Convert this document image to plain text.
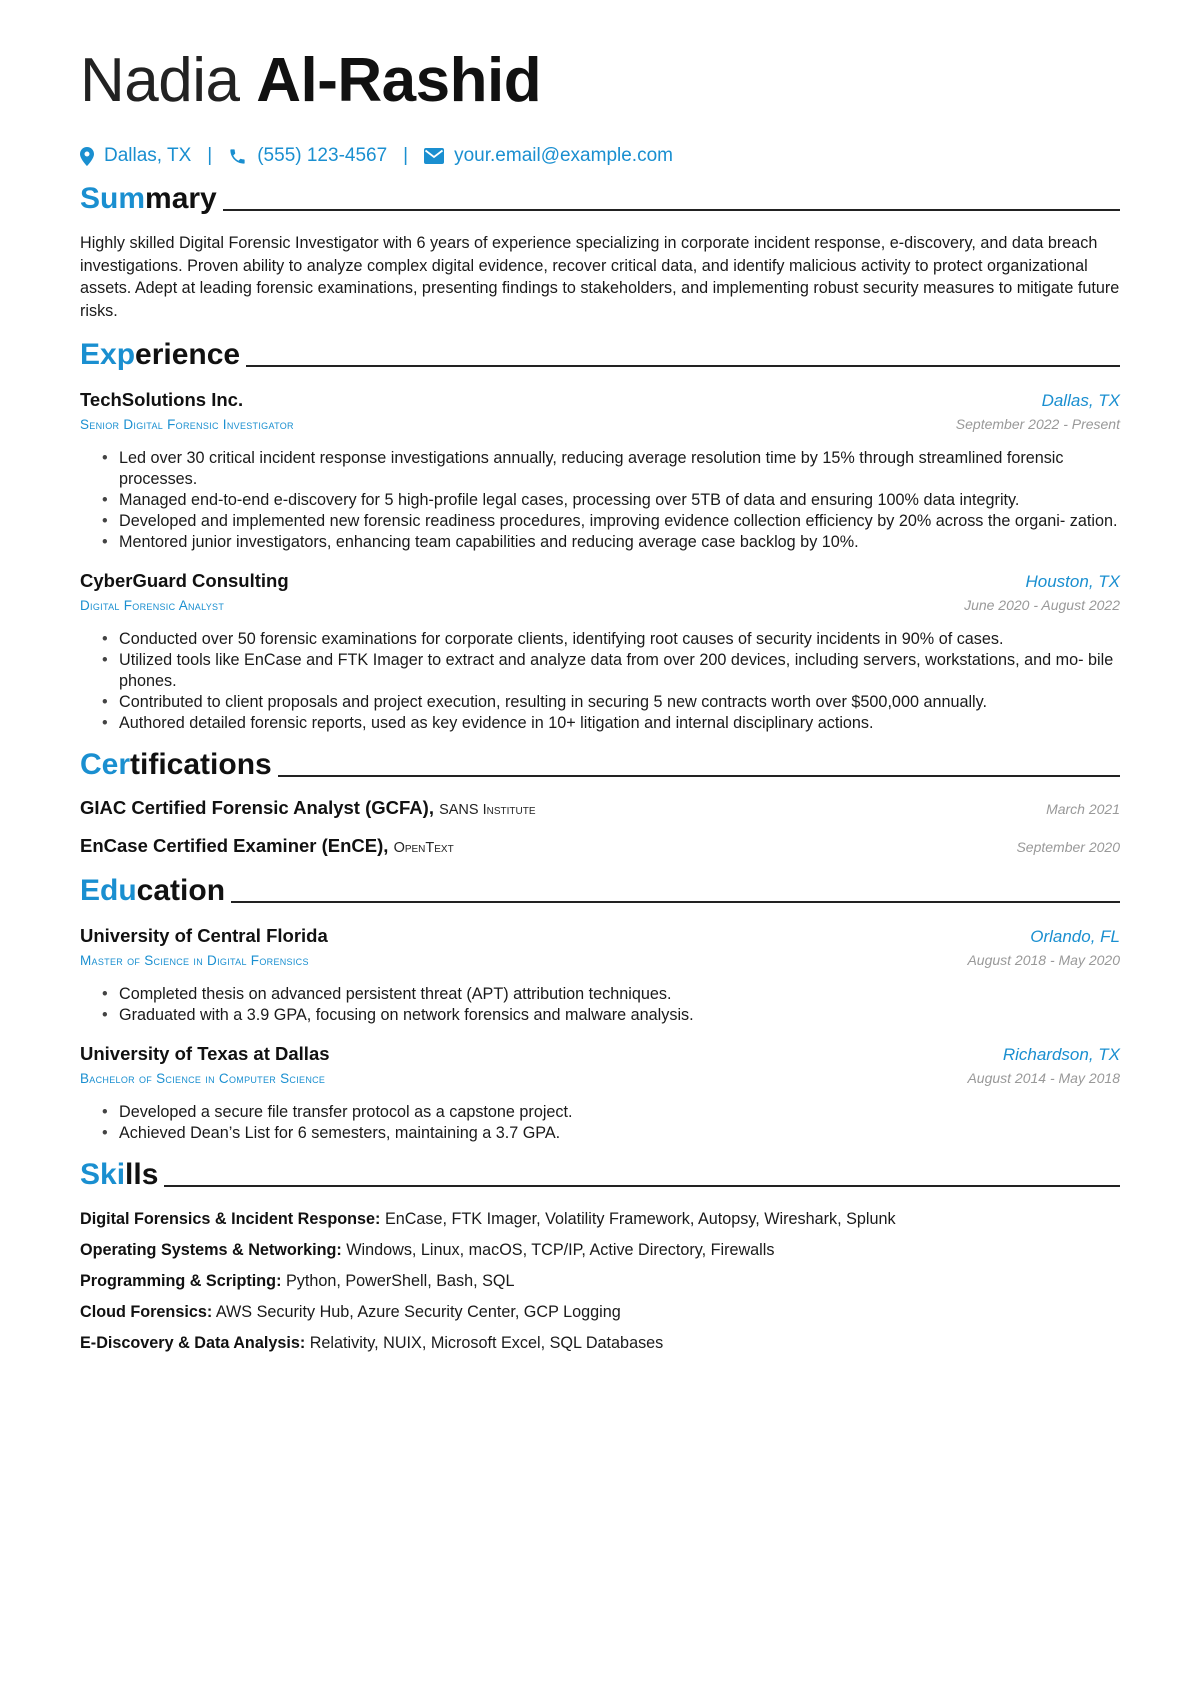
Nadia Al-Rashid
Dallas, TX | (555) 123-4567 | your.email@example.com
Summary

Highly skilled Digital Forensic Investigator with 6 years of experience specializing in corporate incident response, e-discovery, and data breach investigations. Proven ability to analyze complex digital evidence, recover critical data, and identify malicious activity to protect organizational assets. Adept at leading forensic examinations, presenting findings to stakeholders, and implementing robust security measures to mitigate future risks.

Experience
TechSolutions Inc.	Dallas, TX
Senior Digital Forensic Investigator	September 2022 - Present
• Led over 30 critical incident response investigations annually, reducing average resolution time by 15% through streamlined forensic processes.
• Managed end-to-end e-discovery for 5 high-profile legal cases, processing over 5TB of data and ensuring 100% data integrity.
• Developed and implemented new forensic readiness procedures, improving evidence collection efficiency by 20% across the organi- zation.
• Mentored junior investigators, enhancing team capabilities and reducing average case backlog by 10%.
CyberGuard Consulting	Houston, TX
Digital Forensic Analyst	June 2020 - August 2022
• Conducted over 50 forensic examinations for corporate clients, identifying root causes of security incidents in 90% of cases.
• Utilized tools like EnCase and FTK Imager to extract and analyze data from over 200 devices, including servers, workstations, and mo- bile phones.
• Contributed to client proposals and project execution, resulting in securing 5 new contracts worth over $500,000 annually.
• Authored detailed forensic reports, used as key evidence in 10+ litigation and internal disciplinary actions.
Certifications
GIAC Certified Forensic Analyst (GCFA), SANS Institute	March 2021
EnCase Certified Examiner (EnCE), OpenText	September 2020
Education
University of Central Florida	Orlando, FL
Master of Science in Digital Forensics	August 2018 - May 2020
• Completed thesis on advanced persistent threat (APT) attribution techniques.
• Graduated with a 3.9 GPA, focusing on network forensics and malware analysis.
University of Texas at Dallas	Richardson, TX
Bachelor of Science in Computer Science	August 2014 - May 2018
• Developed a secure file transfer protocol as a capstone project.
• Achieved Dean’s List for 6 semesters, maintaining a 3.7 GPA.
Skills
Digital Forensics & Incident Response: EnCase, FTK Imager, Volatility Framework, Autopsy, Wireshark, Splunk
Operating Systems & Networking: Windows, Linux, macOS, TCP/IP, Active Directory, Firewalls
Programming & Scripting: Python, PowerShell, Bash, SQL
Cloud Forensics: AWS Security Hub, Azure Security Center, GCP Logging
E-Discovery & Data Analysis: Relativity, NUIX, Microsoft Excel, SQL Databases
